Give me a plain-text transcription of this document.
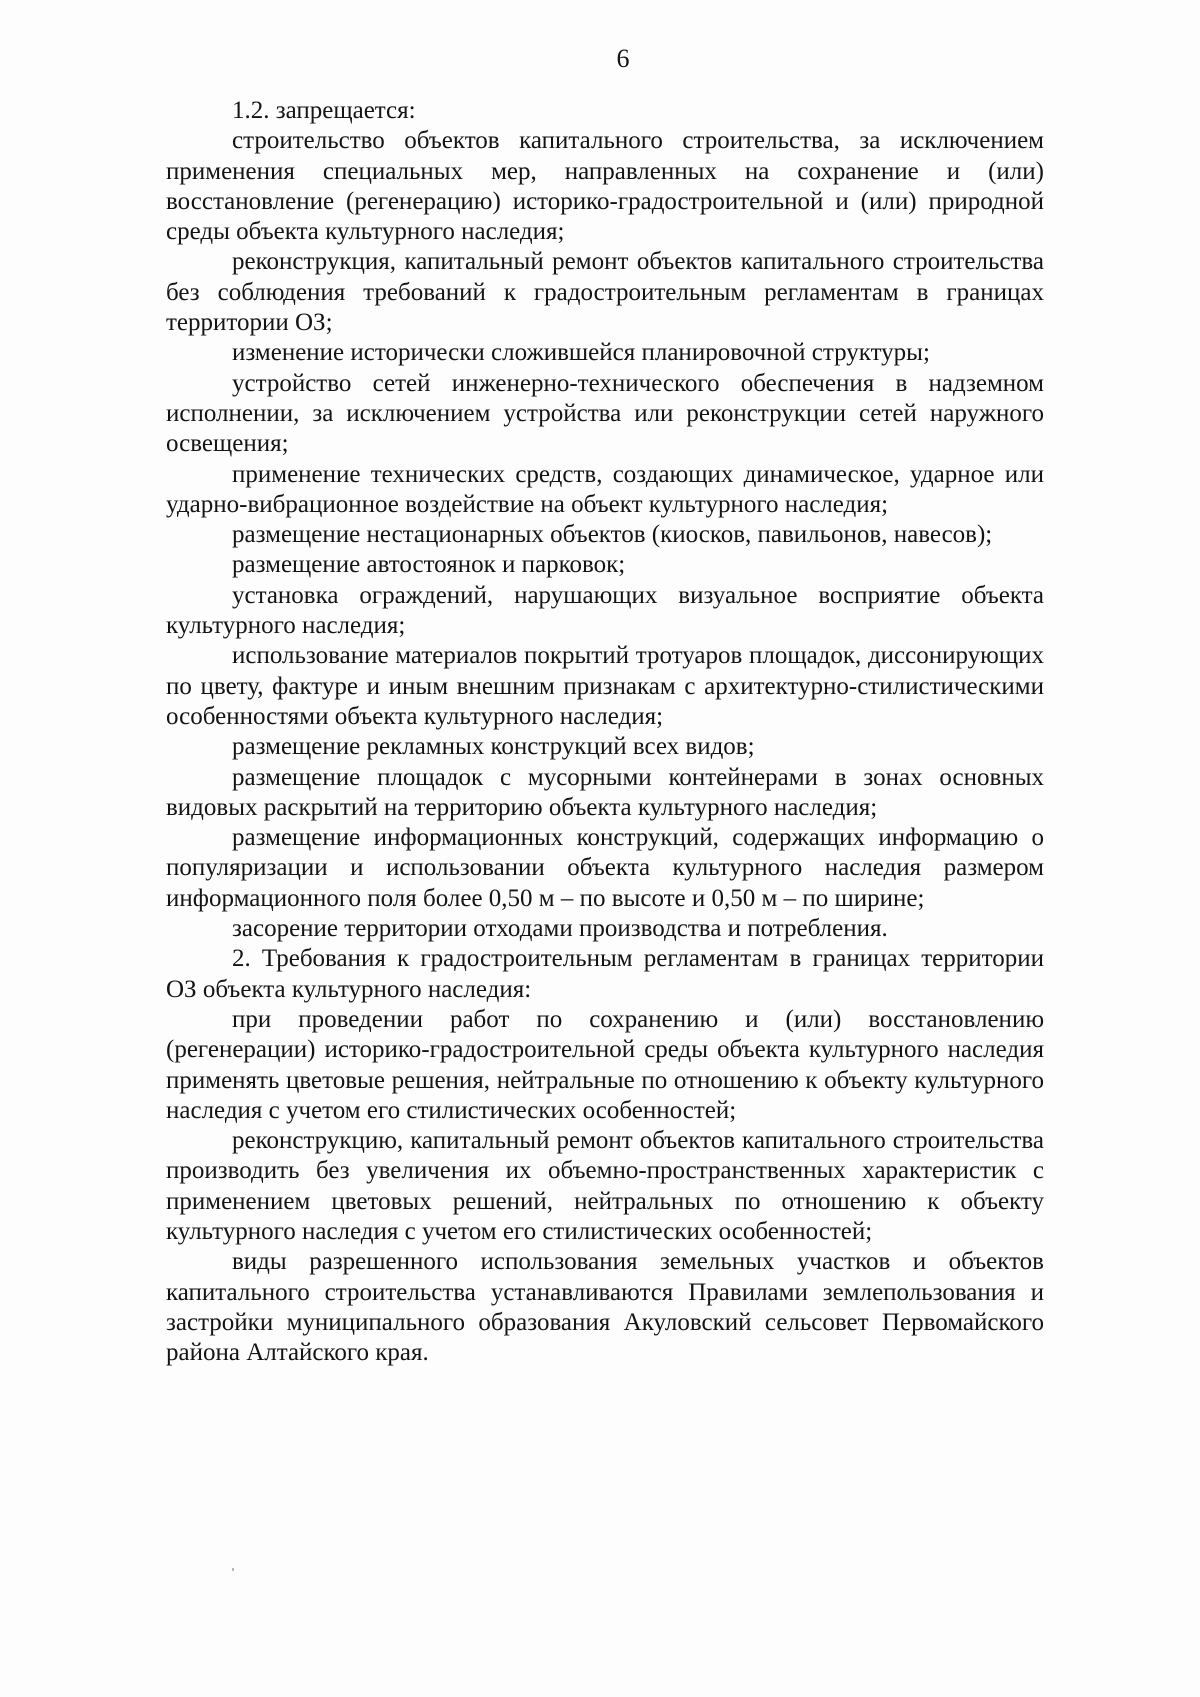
6

1.2. запрещается:

строительство объектов капитального строительства, за исключением применения специальных мер, направленных на сохранение и (или) восстановление (регенерацию) историко-градостроительной и (или) природной среды объекта культурного наследия;

реконструкция, капитальный ремонт объектов капитального строительства без соблюдения требований к градостроительным регламентам в границах территории ОЗ;

изменение исторически сложившейся планировочной структуры;

устройство сетей инженерно-технического обеспечения в надземном исполнении, за исключением устройства или реконструкции сетей наружного освещения;

применение технических средств, создающих динамическое, ударное или ударно-вибрационное воздействие на объект культурного наследия;

размещение нестационарных объектов (киосков, павильонов, навесов);

размещение автостоянок и парковок;

установка ограждений, нарушающих визуальное восприятие объекта культурного наследия;

использование материалов покрытий тротуаров площадок, диссонирующих по цвету, фактуре и иным внешним признакам с архитектурно-стилистическими особенностями объекта культурного наследия;

размещение рекламных конструкций всех видов;

размещение площадок с мусорными контейнерами в зонах основных видовых раскрытий на территорию объекта культурного наследия;

размещение информационных конструкций, содержащих информацию о популяризации и использовании объекта культурного наследия размером информационного поля более 0,50 м – по высоте и 0,50 м – по ширине;

засорение территории отходами производства и потребления.

2. Требования к градостроительным регламентам в границах территории ОЗ объекта культурного наследия:

при проведении работ по сохранению и (или) восстановлению (регенерации) историко-градостроительной среды объекта культурного наследия применять цветовые решения, нейтральные по отношению к объекту культурного наследия с учетом его стилистических особенностей;

реконструкцию, капитальный ремонт объектов капитального строительства производить без увеличения их объемно-пространственных характеристик с применением цветовых решений, нейтральных по отношению к объекту культурного наследия с учетом его стилистических особенностей;

виды разрешенного использования земельных участков и объектов капитального строительства устанавливаются Правилами землепользования и застройки муниципального образования Акуловский сельсовет Первомайского района Алтайского края.
